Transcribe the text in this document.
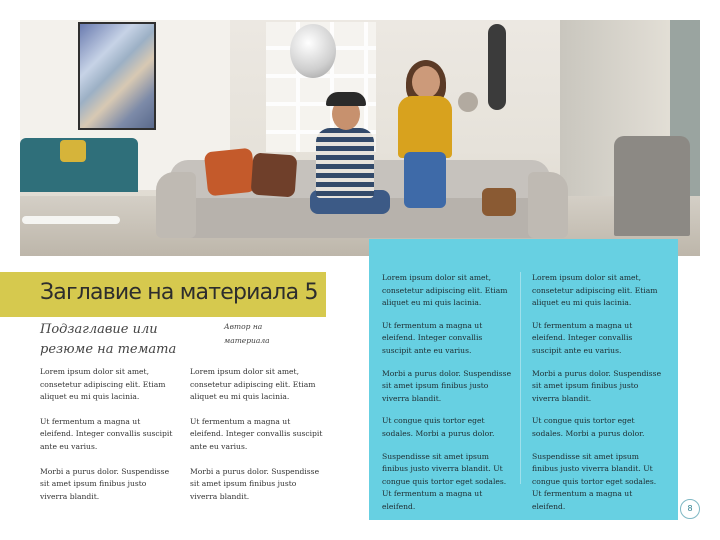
Заглавие на материала 5
Подзаглавие или резюме на темата
Автор на материала

Lorem ipsum dolor sit amet, consetetur adipiscing elit. Etiam aliquet eu mi quis lacinia.

Ut fermentum a magna ut eleifend. Integer convallis suscipit ante eu varius.

Morbi a purus dolor. Suspendisse sit amet ipsum finibus justo viverra blandit.

Lorem ipsum dolor sit amet, consetetur adipiscing elit. Etiam aliquet eu mi quis lacinia.

Ut fermentum a magna ut eleifend. Integer convallis suscipit ante eu varius.

Morbi a purus dolor. Suspendisse sit amet ipsum finibus justo viverra blandit.

Lorem ipsum dolor sit amet, consetetur adipiscing elit. Etiam aliquet eu mi quis lacinia.

Ut fermentum a magna ut eleifend. Integer convallis suscipit ante eu varius.

Morbi a purus dolor. Suspendisse sit amet ipsum finibus justo viverra blandit.

Ut congue quis tortor eget sodales. Morbi a purus dolor.

Suspendisse sit amet ipsum finibus justo viverra blandit. Ut congue quis tortor eget sodales. Ut fermentum a magna ut eleifend.

Lorem ipsum dolor sit amet, consetetur adipiscing elit. Etiam aliquet eu mi quis lacinia.

Ut fermentum a magna ut eleifend. Integer convallis suscipit ante eu varius.

Morbi a purus dolor. Suspendisse sit amet ipsum finibus justo viverra blandit.

Ut congue quis tortor eget sodales. Morbi a purus dolor.

Suspendisse sit amet ipsum finibus justo viverra blandit. Ut congue quis tortor eget sodales. Ut fermentum a magna ut eleifend.	8
